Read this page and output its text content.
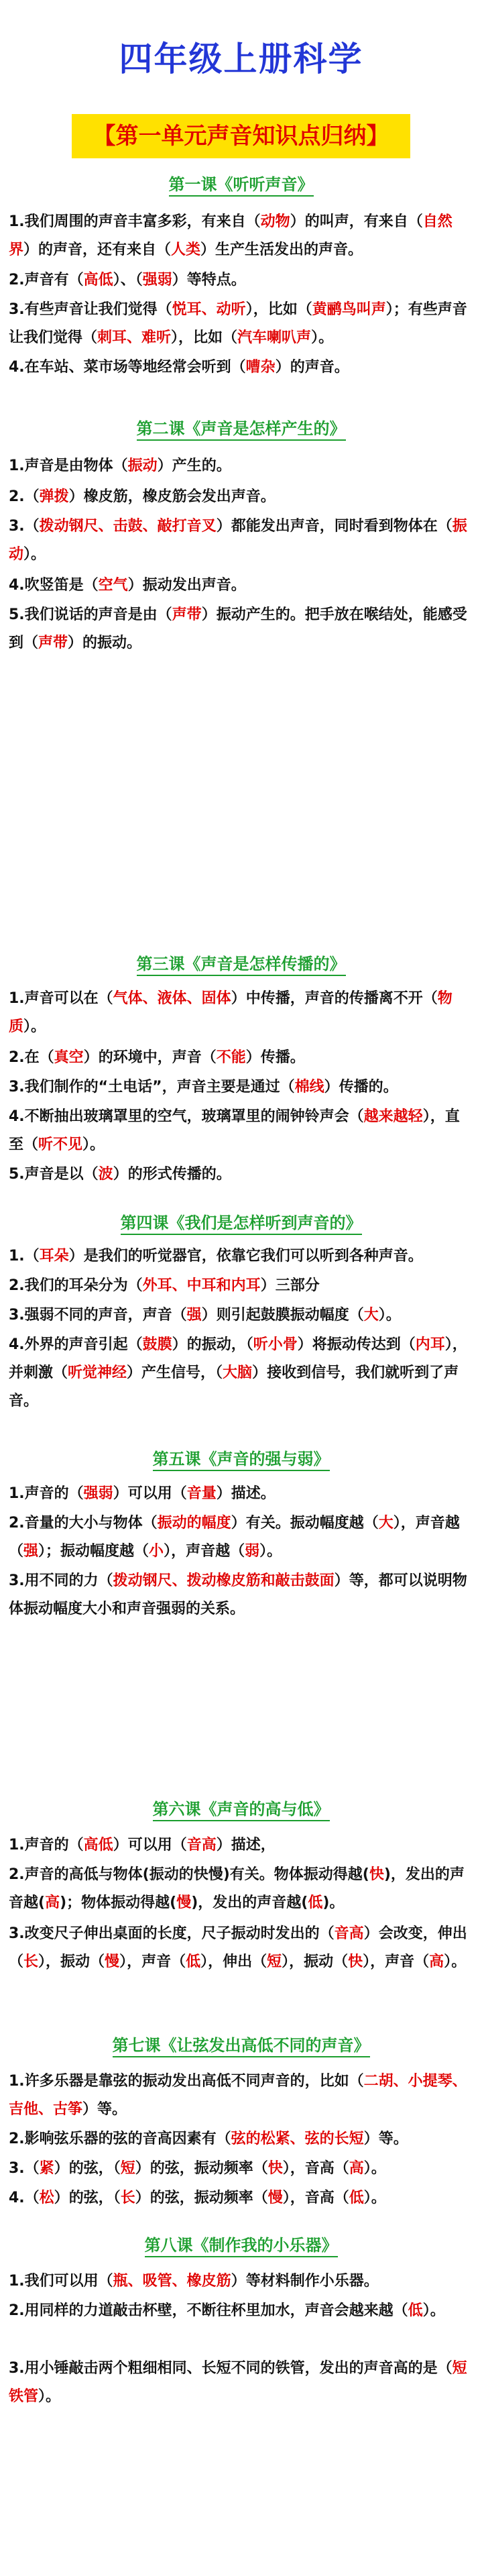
四年级上册科学
【第一单元声音知识点归纳】
第一课《听听声音》
1.我们周围的声音丰富多彩，有来自（动物）的叫声，有来自（自然界）的声音，还有来自（人类）生产生活发出的声音。
2.声音有（高低）、（强弱）等特点。
3.有些声音让我们觉得（悦耳、动听），比如（黄鹂鸟叫声）；有些声音让我们觉得（刺耳、难听），比如（汽车喇叭声）。
4.在车站、菜市场等地经常会听到（嘈杂）的声音。
第二课《声音是怎样产生的》
1.声音是由物体（振动）产生的。
2.（弹拨）橡皮筋，橡皮筋会发出声音。
3.（拨动钢尺、击鼓、敲打音叉）都能发出声音，同时看到物体在（振动）。
4.吹竖笛是（空气）振动发出声音。
5.我们说话的声音是由（声带）振动产生的。把手放在喉结处，能感受到（声带）的振动。
第三课《声音是怎样传播的》
1.声音可以在（气体、液体、固体）中传播，声音的传播离不开（物质）。
2.在（真空）的环境中，声音（不能）传播。
3.我们制作的“土电话”，声音主要是通过（棉线）传播的。
4.不断抽出玻璃罩里的空气，玻璃罩里的闹钟铃声会（越来越轻），直至（听不见）。
5.声音是以（波）的形式传播的。
第四课《我们是怎样听到声音的》
1.（耳朵）是我们的听觉器官，依靠它我们可以听到各种声音。
2.我们的耳朵分为（外耳、中耳和内耳）三部分
3.强弱不同的声音，声音（强）则引起鼓膜振动幅度（大）。
4.外界的声音引起（鼓膜）的振动，（听小骨）将振动传达到（内耳），并刺激（听觉神经）产生信号，（大脑）接收到信号，我们就听到了声音。
第五课《声音的强与弱》
1.声音的（强弱）可以用（音量）描述。
2.音量的大小与物体（振动的幅度）有关。振动幅度越（大），声音越（强）；振动幅度越（小），声音越（弱）。
3.用不同的力（拨动钢尺、拨动橡皮筋和敲击鼓面）等，都可以说明物体振动幅度大小和声音强弱的关系。
第六课《声音的高与低》
1.声音的（高低）可以用（音高）描述，
2.声音的高低与物体(振动的快慢)有关。物体振动得越(快)，发出的声音越(高)；物体振动得越(慢)，发出的声音越(低)。
3.改变尺子伸出桌面的长度，尺子振动时发出的（音高）会改变，伸出（长），振动（慢），声音（低），伸出（短），振动（快），声音（高）。
第七课《让弦发出高低不同的声音》
1.许多乐器是靠弦的振动发出高低不同声音的，比如（二胡、小提琴、吉他、古筝）等。
2.影响弦乐器的弦的音高因素有（弦的松紧、弦的长短）等。
3.（紧）的弦，（短）的弦，振动频率（快），音高（高）。
4.（松）的弦，（长）的弦，振动频率（慢），音高（低）。
第八课《制作我的小乐器》
1.我们可以用（瓶、吸管、橡皮筋）等材料制作小乐器。
2.用同样的力道敲击杯壁，不断往杯里加水，声音会越来越（低）。
3.用小锤敲击两个粗细相同、长短不同的铁管，发出的声音高的是（短铁管）。
